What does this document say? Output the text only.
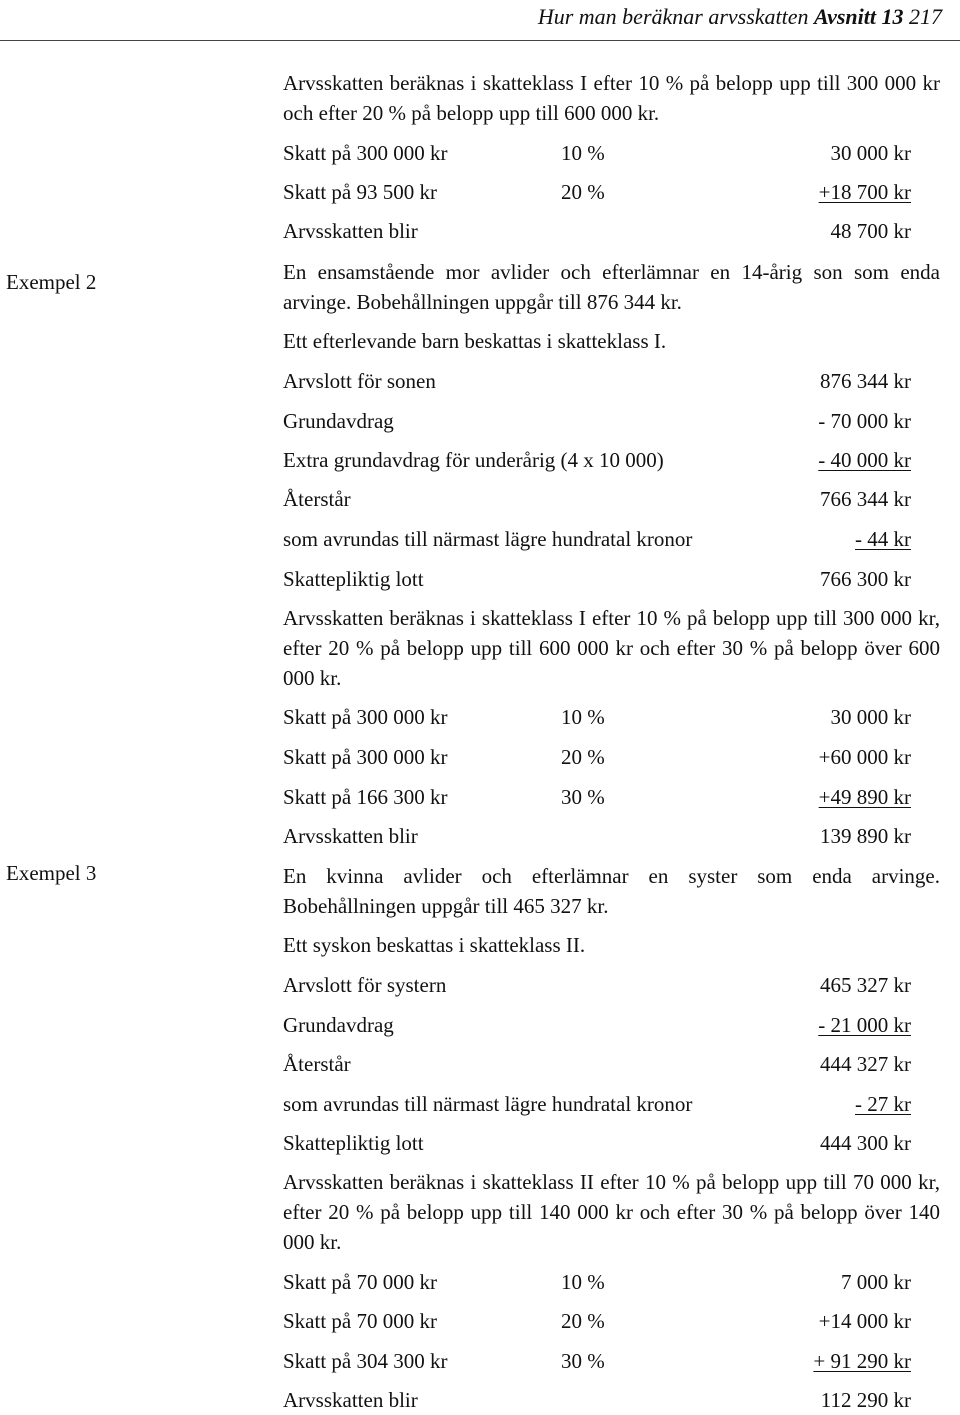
Hur man beräknar arvsskatten Avsnitt 13 217
Exempel 2
Exempel 3
Arvsskatten beräknas i skatteklass I efter 10 % på belopp upp till 300 000 kr och efter 20 % på belopp upp till 600 000 kr.
Skatt på 300 000 kr	10 %	30 000 kr
Skatt på 93 500 kr	20 %	+18 700 kr
Arvsskatten blir	48 700 kr
En ensamstående mor avlider och efterlämnar en 14-årig son som enda arvinge. Bobehållningen uppgår till 876 344 kr.
Ett efterlevande barn beskattas i skatteklass I.
Arvslott för sonen	876 344 kr
Grundavdrag	- 70 000 kr
Extra grundavdrag för underårig (4 x 10 000)	- 40 000 kr
Återstår	766 344 kr
som avrundas till närmast lägre hundratal kronor	- 44 kr
Skattepliktig lott	766 300 kr
Arvsskatten beräknas i skatteklass I efter 10 % på belopp upp till 300 000 kr, efter 20 % på belopp upp till 600 000 kr och efter 30 % på belopp över 600 000 kr.
Skatt på 300 000 kr	10 %	30 000 kr
Skatt på 300 000 kr	20 %	+60 000 kr
Skatt på 166 300 kr	30 %	+49 890 kr
Arvsskatten blir	139 890 kr
En kvinna avlider och efterlämnar en syster som enda arvinge. Bobehållningen uppgår till 465 327 kr.
Ett syskon beskattas i skatteklass II.
Arvslott för systern	465 327 kr
Grundavdrag	- 21 000 kr
Återstår	444 327 kr
som avrundas till närmast lägre hundratal kronor	- 27 kr
Skattepliktig lott	444 300 kr
Arvsskatten beräknas i skatteklass II efter 10 % på belopp upp till 70 000 kr, efter 20 % på belopp upp till 140 000 kr och efter 30 % på belopp över 140 000 kr.
Skatt på 70 000 kr	10 %	7 000 kr
Skatt på 70 000 kr	20 %	+14 000 kr
Skatt på 304 300 kr	30 %	+ 91 290 kr
Arvsskatten blir	112 290 kr
